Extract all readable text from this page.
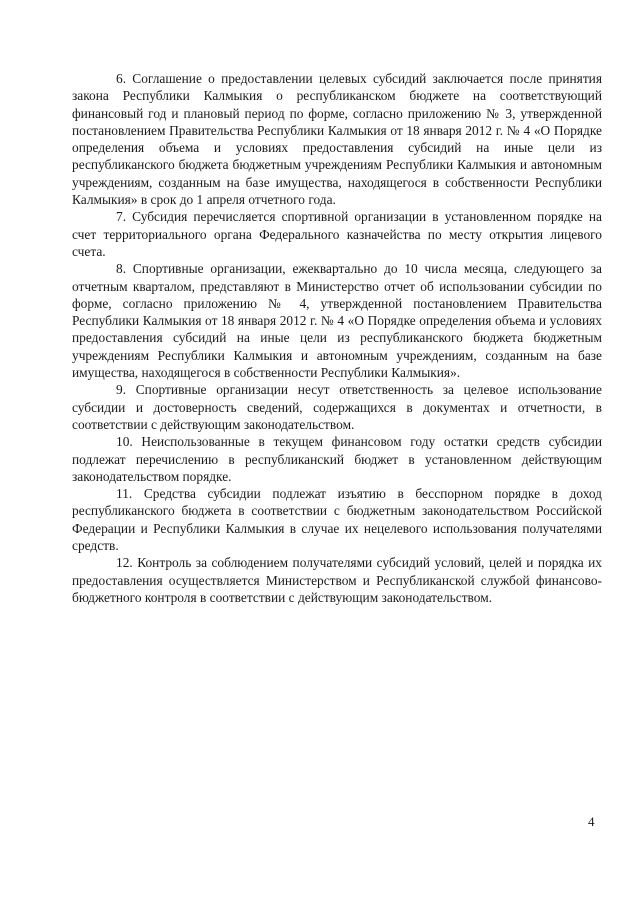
6. Соглашение о предоставлении целевых субсидий заключается после принятия закона Республики Калмыкия о республиканском бюджете на соответствующий финансовый год и плановый период по форме, согласно приложению № 3, утвержденной постановлением Правительства Республики Калмыкия от 18 января 2012 г. № 4 «О Порядке определения объема и условиях предоставления субсидий на иные цели из республиканского бюджета бюджетным учреждениям Республики Калмыкия и автономным учреждениям, созданным на базе имущества, находящегося в собственности Республики Калмыкия» в срок до 1 апреля отчетного года.

7. Субсидия перечисляется спортивной организации в установленном порядке на счет территориального органа Федерального казначейства по месту открытия лицевого счета.

8. Спортивные организации, ежеквартально до 10 числа месяца, следующего за отчетным кварталом, представляют в Министерство отчет об использовании субсидии по форме, согласно приложению № 4, утвержденной постановлением Правительства Республики Калмыкия от 18 января 2012 г. № 4 «О Порядке определения объема и условиях предоставления субсидий на иные цели из республиканского бюджета бюджетным учреждениям Республики Калмыкия и автономным учреждениям, созданным на базе имущества, находящегося в собственности Республики Калмыкия».

9. Спортивные организации несут ответственность за целевое использование субсидии и достоверность сведений, содержащихся в документах и отчетности, в соответствии с действующим законодательством.

10. Неиспользованные в текущем финансовом году остатки средств субсидии подлежат перечислению в республиканский бюджет в установленном действующим законодательством порядке.

11. Средства субсидии подлежат изъятию в бесспорном порядке в доход республиканского бюджета в соответствии с бюджетным законодательством Российской Федерации и Республики Калмыкия в случае их нецелевого использования получателями средств.

12. Контроль за соблюдением получателями субсидий условий, целей и порядка их предоставления осуществляется Министерством и Республиканской службой финансово-бюджетного контроля в соответствии с действующим законодательством.

4
